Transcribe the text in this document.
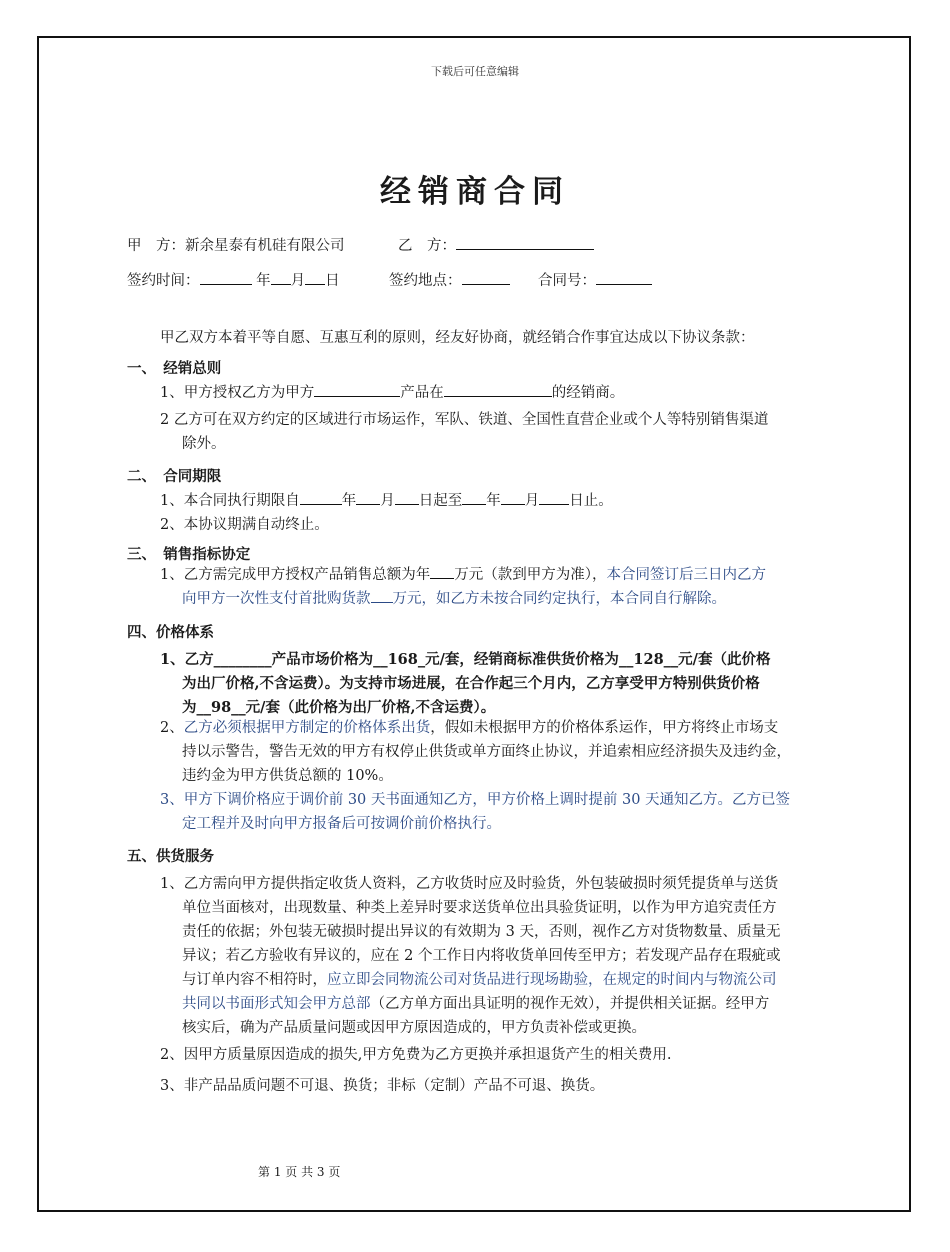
下载后可任意编辑
经销商合同
甲　方：新余星泰有机硅有限公司	乙　方：
签约时间：	年 月 日	签约地点：	合同号：
甲乙双方本着平等自愿、互惠互利的原则，经友好协商，就经销合作事宜达成以下协议条款：
一、　经销总则
1、甲方授权乙方为甲方	产品在	的经销商。
2 乙方可在双方约定的区域进行市场运作，军队、铁道、全国性直营企业或个人等特别销售渠道
除外。
二、　合同期限
1、本合同执行期限自	年 月 日起至 年 月 日止。
2、本协议期满自动终止。
三、　销售指标协定
1、乙方需完成甲方授权产品销售总额为年 万元（款到甲方为准），本合同签订后三日内乙方
向甲方一次性支付首批购货款 万元，如乙方未按合同约定执行，本合同自行解除。
四、价格体系
1、乙方________产品市场价格为__168_元/套，经销商标准供货价格为__128__元/套（此价格
为出厂价格,不含运费）。为支持市场进展，在合作起三个月内，乙方享受甲方特别供货价格
为__98__元/套（此价格为出厂价格,不含运费）。
2、乙方必须根据甲方制定的价格体系出货，假如未根据甲方的价格体系运作，甲方将终止市场支
持以示警告，警告无效的甲方有权停止供货或单方面终止协议，并追索相应经济损失及违约金，
违约金为甲方供货总额的 10%。
3、甲方下调价格应于调价前 30 天书面通知乙方，甲方价格上调时提前 30 天通知乙方。乙方已签
定工程并及时向甲方报备后可按调价前价格执行。
五、供货服务
1、乙方需向甲方提供指定收货人资料，乙方收货时应及时验货，外包装破损时须凭提货单与送货
单位当面核对，出现数量、种类上差异时要求送货单位出具验货证明，以作为甲方追究责任方
责任的依据；外包装无破损时提出异议的有效期为 3 天，否则，视作乙方对货物数量、质量无
异议；若乙方验收有异议的，应在 2 个工作日内将收货单回传至甲方；若发现产品存在瑕疵或
与订单内容不相符时，应立即会同物流公司对货品进行现场勘验，在规定的时间内与物流公司
共同以书面形式知会甲方总部（乙方单方面出具证明的视作无效），并提供相关证据。经甲方
核实后，确为产品质量问题或因甲方原因造成的，甲方负责补偿或更换。
2、因甲方质量原因造成的损失,甲方免费为乙方更换并承担退货产生的相关费用.
3、非产品品质问题不可退、换货；非标（定制）产品不可退、换货。
第 1 页 共 3 页
